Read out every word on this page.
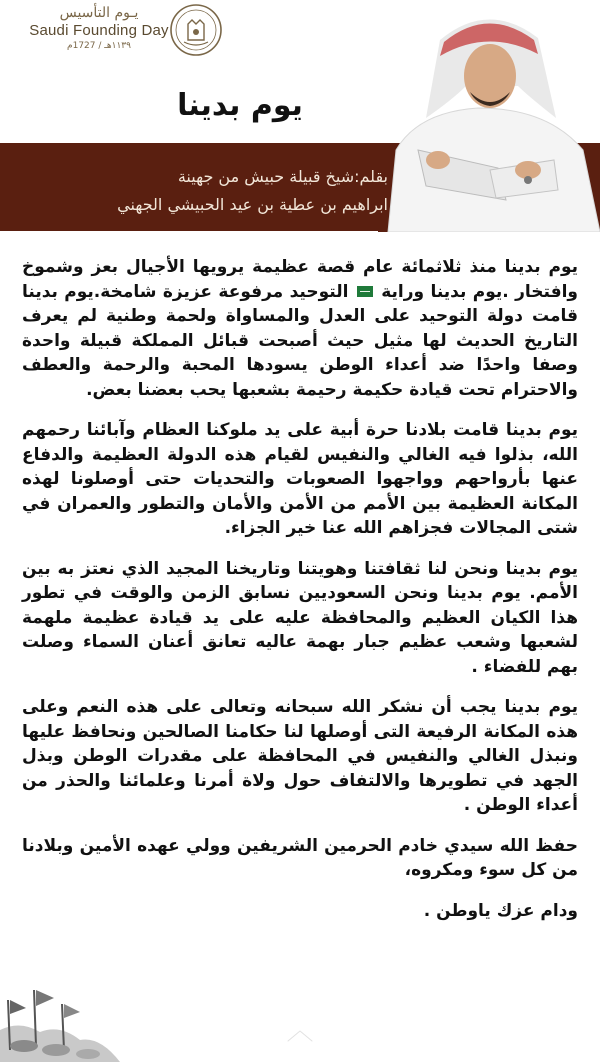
يـوم التأسيس
Saudi Founding Day
١١٣٩هـ / 1727م
يوم بدينا
بقلم:شيخ قبيلة حبيش من جهينة
ابراهيم بن عطية بن عيد الحبيشي الجهني

يوم بدينا منذ ثلاثمائة عام قصة عظيمة يرويها الأجيال بعز وشموخ وافتخار .يوم بدينا وراية  التوحيد مرفوعة عزيزة شامخة.يوم بدينا قامت دولة التوحيد على العدل والمساواة ولحمة وطنية لم يعرف التاريخ الحديث لها مثيل حيث أصبحت قبائل المملكة قبيلة واحدة وصفا واحدًا ضد أعداء الوطن يسودها المحبة والرحمة والعطف والاحترام تحت قيادة حكيمة رحيمة بشعبها يحب بعضنا بعض.

يوم بدينا قامت بلادنا حرة أبية على يد ملوكنا العظام وآبائنا رحمهم الله، بذلوا فيه الغالي والنفيس لقيام هذه الدولة العظيمة والدفاع عنها بأرواحهم وواجهوا الصعوبات والتحديات حتى أوصلونا لهذه المكانة العظيمة بين الأمم من الأمن والأمان والتطور والعمران في شتى المجالات فجزاهم الله عنا خير الجزاء.

يوم بدينا ونحن لنا ثقافتنا وهويتنا وتاريخنا المجيد الذي نعتز به بين الأمم. يوم بدينا ونحن السعوديين نسابق الزمن والوقت في تطور هذا الكيان العظيم والمحافظة عليه على يد قيادة عظيمة ملهمة لشعبها وشعب عظيم جبار بهمة عاليه تعانق أعنان السماء وصلت بهم للفضاء .

يوم بدينا يجب أن نشكر الله سبحانه وتعالى على هذه النعم وعلى هذه المكانة الرفيعة التى أوصلها لنا حكامنا الصالحين ونحافظ عليها ونبذل الغالي والنفيس في المحافظة على مقدرات الوطن وبذل الجهد في تطويرها والالتفاف حول ولاة أمرنا وعلمائنا والحذر من أعداء الوطن .

حفظ الله سيدي خادم الحرمين الشريفين وولي عهده الأمين وبلادنا من كل سوء ومكروه،

ودام عزك ياوطن .
